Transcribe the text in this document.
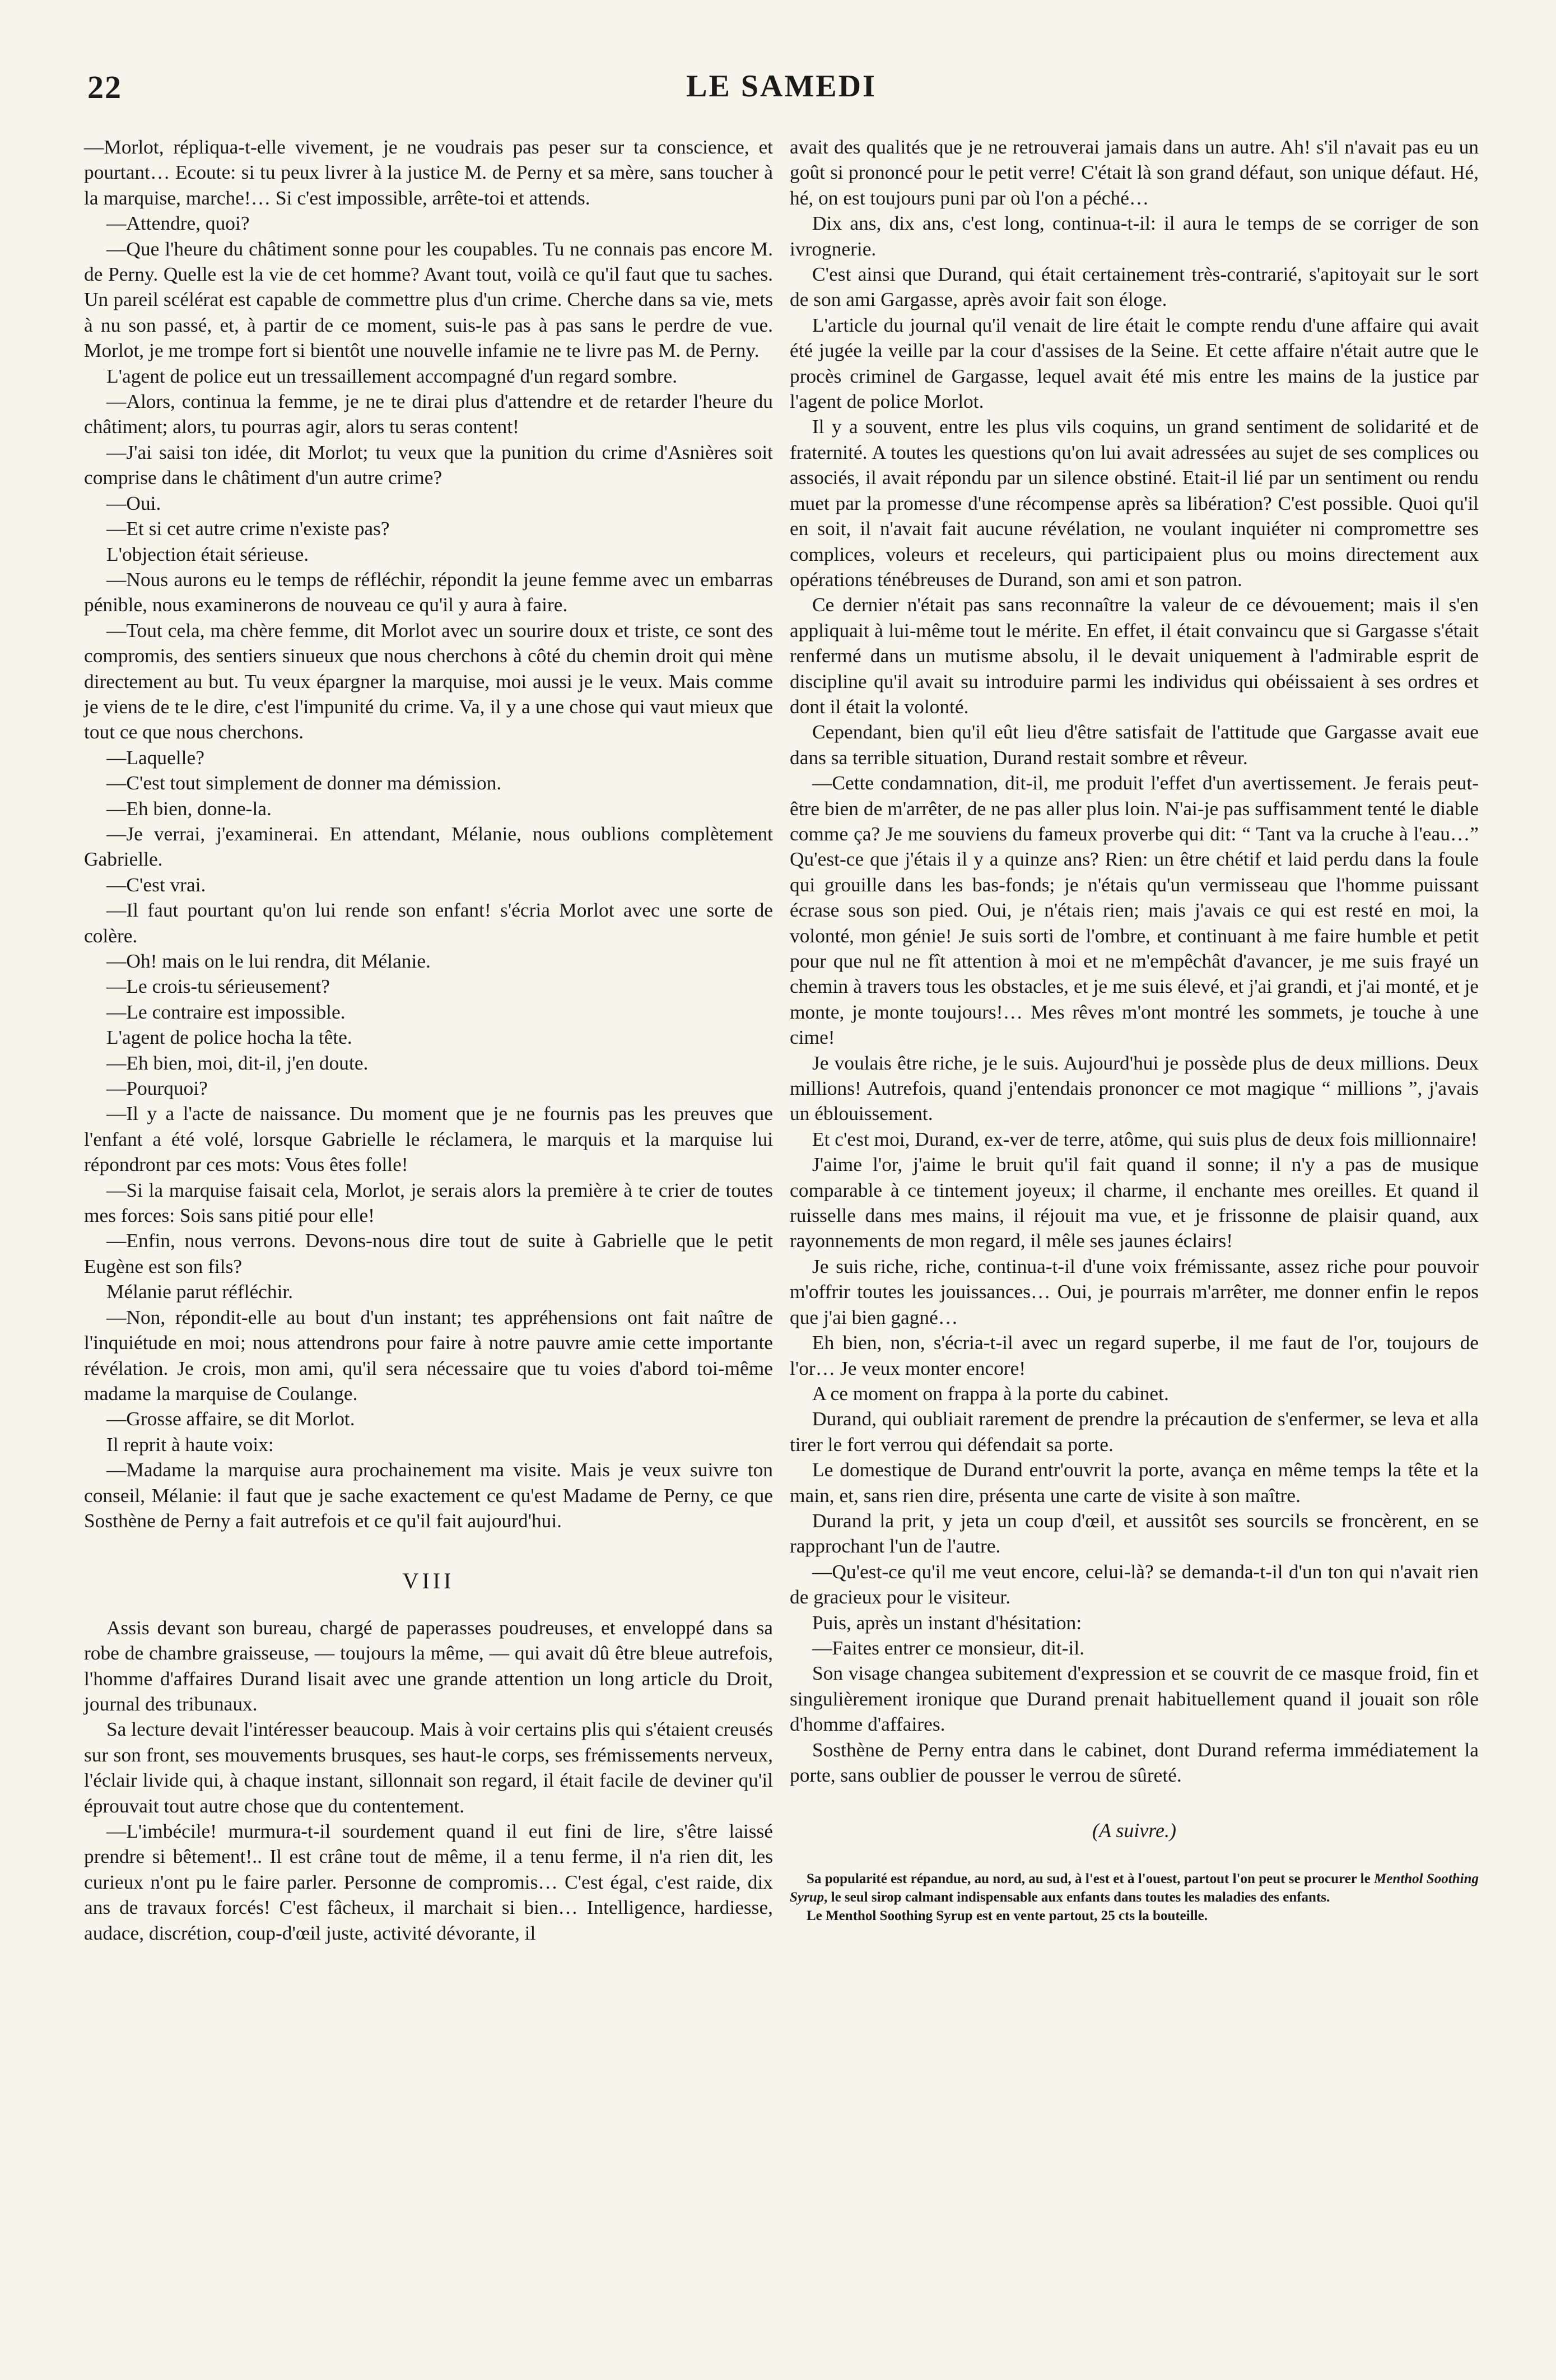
22	LE SAMEDI

—Morlot, répliqua-t-elle vivement, je ne voudrais pas peser sur ta conscience, et pourtant… Ecoute: si tu peux livrer à la justice M. de Perny et sa mère, sans toucher à la marquise, marche!… Si c'est impossible, arrête-toi et attends.

—Attendre, quoi?

—Que l'heure du châtiment sonne pour les coupables. Tu ne connais pas encore M. de Perny. Quelle est la vie de cet homme? Avant tout, voilà ce qu'il faut que tu saches. Un pareil scélérat est capable de commettre plus d'un crime. Cherche dans sa vie, mets à nu son passé, et, à partir de ce moment, suis-le pas à pas sans le perdre de vue. Morlot, je me trompe fort si bientôt une nouvelle infamie ne te livre pas M. de Perny.

L'agent de police eut un tressaillement accompagné d'un regard sombre.

—Alors, continua la femme, je ne te dirai plus d'attendre et de retarder l'heure du châtiment; alors, tu pourras agir, alors tu seras content!

—J'ai saisi ton idée, dit Morlot; tu veux que la punition du crime d'Asnières soit comprise dans le châtiment d'un autre crime?

—Oui.

—Et si cet autre crime n'existe pas?

L'objection était sérieuse.

—Nous aurons eu le temps de réfléchir, répondit la jeune femme avec un embarras pénible, nous examinerons de nouveau ce qu'il y aura à faire.

—Tout cela, ma chère femme, dit Morlot avec un sourire doux et triste, ce sont des compromis, des sentiers sinueux que nous cherchons à côté du chemin droit qui mène directement au but. Tu veux épargner la marquise, moi aussi je le veux. Mais comme je viens de te le dire, c'est l'impunité du crime. Va, il y a une chose qui vaut mieux que tout ce que nous cherchons.

—Laquelle?

—C'est tout simplement de donner ma démission.

—Eh bien, donne-la.

—Je verrai, j'examinerai. En attendant, Mélanie, nous oublions complètement Gabrielle.

—C'est vrai.

—Il faut pourtant qu'on lui rende son enfant! s'écria Morlot avec une sorte de colère.

—Oh! mais on le lui rendra, dit Mélanie.

—Le crois-tu sérieusement?

—Le contraire est impossible.

L'agent de police hocha la tête.

—Eh bien, moi, dit-il, j'en doute.

—Pourquoi?

—Il y a l'acte de naissance. Du moment que je ne fournis pas les preuves que l'enfant a été volé, lorsque Gabrielle le réclamera, le marquis et la marquise lui répondront par ces mots: Vous êtes folle!

—Si la marquise faisait cela, Morlot, je serais alors la première à te crier de toutes mes forces: Sois sans pitié pour elle!

—Enfin, nous verrons. Devons-nous dire tout de suite à Gabrielle que le petit Eugène est son fils?

Mélanie parut réfléchir.

—Non, répondit-elle au bout d'un instant; tes appréhensions ont fait naître de l'inquiétude en moi; nous attendrons pour faire à notre pauvre amie cette importante révélation. Je crois, mon ami, qu'il sera nécessaire que tu voies d'abord toi-même madame la marquise de Coulange.

—Grosse affaire, se dit Morlot.

Il reprit à haute voix:

—Madame la marquise aura prochainement ma visite. Mais je veux suivre ton conseil, Mélanie: il faut que je sache exactement ce qu'est Madame de Perny, ce que Sosthène de Perny a fait autrefois et ce qu'il fait aujourd'hui.

VIII

Assis devant son bureau, chargé de paperasses poudreuses, et enveloppé dans sa robe de chambre graisseuse, — toujours la même, — qui avait dû être bleue autrefois, l'homme d'affaires Durand lisait avec une grande attention un long article du Droit, journal des tribunaux.

Sa lecture devait l'intéresser beaucoup. Mais à voir certains plis qui s'étaient creusés sur son front, ses mouvements brusques, ses haut-le corps, ses frémissements nerveux, l'éclair livide qui, à chaque instant, sillonnait son regard, il était facile de deviner qu'il éprouvait tout autre chose que du contentement.

—L'imbécile! murmura-t-il sourdement quand il eut fini de lire, s'être laissé prendre si bêtement!.. Il est crâne tout de même, il a tenu ferme, il n'a rien dit, les curieux n'ont pu le faire parler. Personne de compromis… C'est égal, c'est raide, dix ans de travaux forcés! C'est fâcheux, il marchait si bien… Intelligence, hardiesse, audace, discrétion, coup-d'œil juste, activité dévorante, il

avait des qualités que je ne retrouverai jamais dans un autre. Ah! s'il n'avait pas eu un goût si prononcé pour le petit verre! C'était là son grand défaut, son unique défaut. Hé, hé, on est toujours puni par où l'on a péché…

Dix ans, dix ans, c'est long, continua-t-il: il aura le temps de se corriger de son ivrognerie.

C'est ainsi que Durand, qui était certainement très-contrarié, s'apitoyait sur le sort de son ami Gargasse, après avoir fait son éloge.

L'article du journal qu'il venait de lire était le compte rendu d'une affaire qui avait été jugée la veille par la cour d'assises de la Seine. Et cette affaire n'était autre que le procès criminel de Gargasse, lequel avait été mis entre les mains de la justice par l'agent de police Morlot.

Il y a souvent, entre les plus vils coquins, un grand sentiment de solidarité et de fraternité. A toutes les questions qu'on lui avait adressées au sujet de ses complices ou associés, il avait répondu par un silence obstiné. Etait-il lié par un sentiment ou rendu muet par la promesse d'une récompense après sa libération? C'est possible. Quoi qu'il en soit, il n'avait fait aucune révélation, ne voulant inquiéter ni compromettre ses complices, voleurs et receleurs, qui participaient plus ou moins directement aux opérations ténébreuses de Durand, son ami et son patron.

Ce dernier n'était pas sans reconnaître la valeur de ce dévouement; mais il s'en appliquait à lui-même tout le mérite. En effet, il était convaincu que si Gargasse s'était renfermé dans un mutisme absolu, il le devait uniquement à l'admirable esprit de discipline qu'il avait su introduire parmi les individus qui obéissaient à ses ordres et dont il était la volonté.

Cependant, bien qu'il eût lieu d'être satisfait de l'attitude que Gargasse avait eue dans sa terrible situation, Durand restait sombre et rêveur.

—Cette condamnation, dit-il, me produit l'effet d'un avertissement. Je ferais peut-être bien de m'arrêter, de ne pas aller plus loin. N'ai-je pas suffisamment tenté le diable comme ça? Je me souviens du fameux proverbe qui dit: “ Tant va la cruche à l'eau…” Qu'est-ce que j'étais il y a quinze ans? Rien: un être chétif et laid perdu dans la foule qui grouille dans les bas-fonds; je n'étais qu'un vermisseau que l'homme puissant écrase sous son pied. Oui, je n'étais rien; mais j'avais ce qui est resté en moi, la volonté, mon génie! Je suis sorti de l'ombre, et continuant à me faire humble et petit pour que nul ne fît attention à moi et ne m'empêchât d'avancer, je me suis frayé un chemin à travers tous les obstacles, et je me suis élevé, et j'ai grandi, et j'ai monté, et je monte, je monte toujours!… Mes rêves m'ont montré les sommets, je touche à une cime!

Je voulais être riche, je le suis. Aujourd'hui je possède plus de deux millions. Deux millions! Autrefois, quand j'entendais prononcer ce mot magique “ millions ”, j'avais un éblouissement.

Et c'est moi, Durand, ex-ver de terre, atôme, qui suis plus de deux fois millionnaire!

J'aime l'or, j'aime le bruit qu'il fait quand il sonne; il n'y a pas de musique comparable à ce tintement joyeux; il charme, il enchante mes oreilles. Et quand il ruisselle dans mes mains, il réjouit ma vue, et je frissonne de plaisir quand, aux rayonnements de mon regard, il mêle ses jaunes éclairs!

Je suis riche, riche, continua-t-il d'une voix frémissante, assez riche pour pouvoir m'offrir toutes les jouissances… Oui, je pourrais m'arrêter, me donner enfin le repos que j'ai bien gagné…

Eh bien, non, s'écria-t-il avec un regard superbe, il me faut de l'or, toujours de l'or… Je veux monter encore!

A ce moment on frappa à la porte du cabinet.

Durand, qui oubliait rarement de prendre la précaution de s'enfermer, se leva et alla tirer le fort verrou qui défendait sa porte.

Le domestique de Durand entr'ouvrit la porte, avança en même temps la tête et la main, et, sans rien dire, présenta une carte de visite à son maître.

Durand la prit, y jeta un coup d'œil, et aussitôt ses sourcils se froncèrent, en se rapprochant l'un de l'autre.

—Qu'est-ce qu'il me veut encore, celui-là? se demanda-t-il d'un ton qui n'avait rien de gracieux pour le visiteur.

Puis, après un instant d'hésitation:

—Faites entrer ce monsieur, dit-il.

Son visage changea subitement d'expression et se couvrit de ce masque froid, fin et singulièrement ironique que Durand prenait habituellement quand il jouait son rôle d'homme d'affaires.

Sosthène de Perny entra dans le cabinet, dont Durand referma immédiatement la porte, sans oublier de pousser le verrou de sûreté.

(A suivre.)

Sa popularité est répandue, au nord, au sud, à l'est et à l'ouest, partout l'on peut se procurer le Menthol Soothing Syrup, le seul sirop calmant indispensable aux enfants dans toutes les maladies des enfants.

Le Menthol Soothing Syrup est en vente partout, 25 cts la bouteille.
